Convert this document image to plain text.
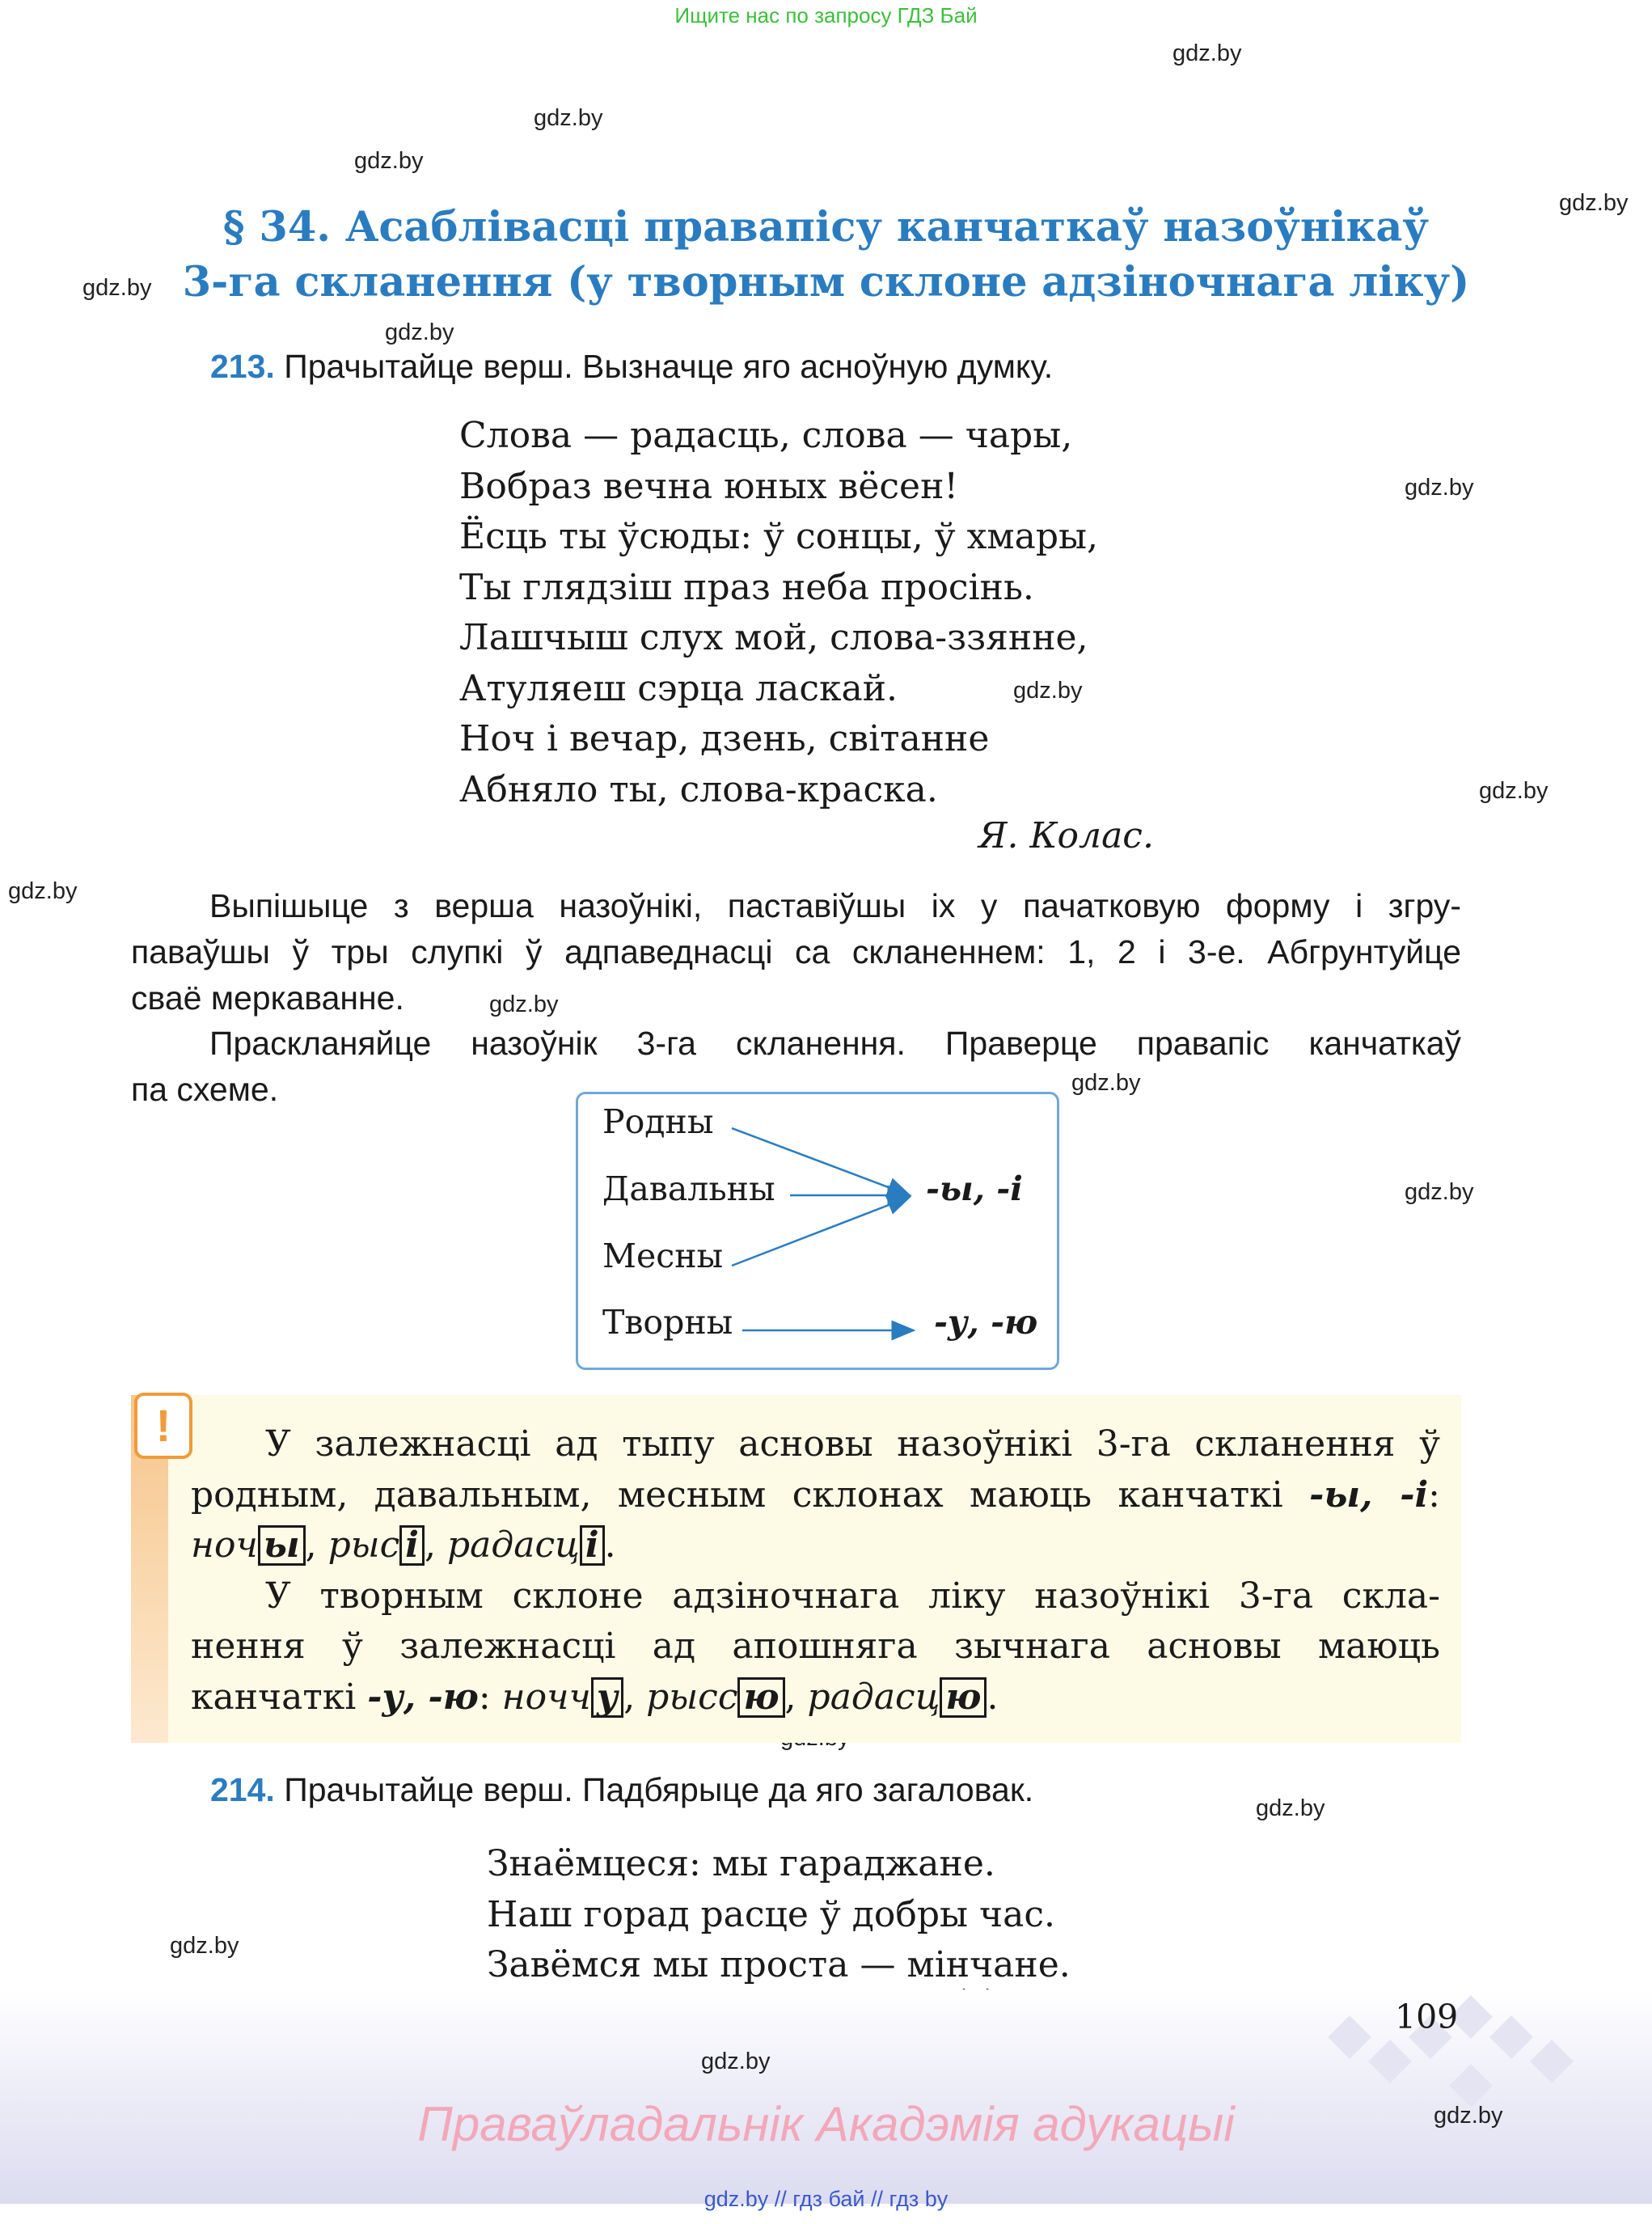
Ищите нас по запросу ГДЗ Бай
gdz.by
gdz.by
gdz.by
gdz.by
gdz.by
gdz.by
gdz.by
gdz.by
gdz.by
gdz.by
gdz.by
gdz.by
gdz.by
gdz.by
gdz.by
§ 34. Асаблівасці правапісу канчаткаў назоўнікаў
3-га скланення (у творным склоне адзіночнага ліку)
213. Прачытайце верш. Вызначце яго асноўную думку.
Слова — радасць, слова — чары,
Вобраз вечна юных вёсен!
Ёсць ты ўсюды: ў сонцы, ў хмары,
Ты глядзіш праз неба просінь.
Лашчыш слух мой, слова-ззянне,
Атуляеш сэрца ласкай.
Ноч і вечар, дзень, світанне
Абняло ты, слова-краска.
Я. Колас.
Выпішыце з верша назоўнікі, паставіўшы іх у пачатковую форму і згру-
паваўшы ў тры слупкі ў адпаведнасці са скланеннем: 1, 2 і 3-е. Абгрунтуйце
сваё меркаванне.
Праскланяйце назоўнік 3-га скланення. Праверце правапіс канчаткаў
па схеме.
Родны
Давальны
Месны
Творны
-ы, -і
-у, -ю
!	У залежнасці ад тыпу асновы назоўнікі 3-га скланення ў
родным, давальным, месным склонах маюць канчаткі -ы, -і:
ноч ы , рыс і , радасц і .
У творным склоне адзіночнага ліку назоўнікі 3-га скла-
нення ў залежнасці ад апошняга зычнага асновы маюць
канчаткі -у, -ю: ночч у , рысс ю , радасц ю .
214. Прачытайце верш. Падбярыце да яго загаловак.
Знаёмцеся: мы гараджане.
Наш горад расце ў добры час.
Завёмся мы проста — мінчане.
109
gdz.by
gdz.by
Праваўладальнік Акадэмія адукацыі
gdz.by // гдз бай // гдз by
